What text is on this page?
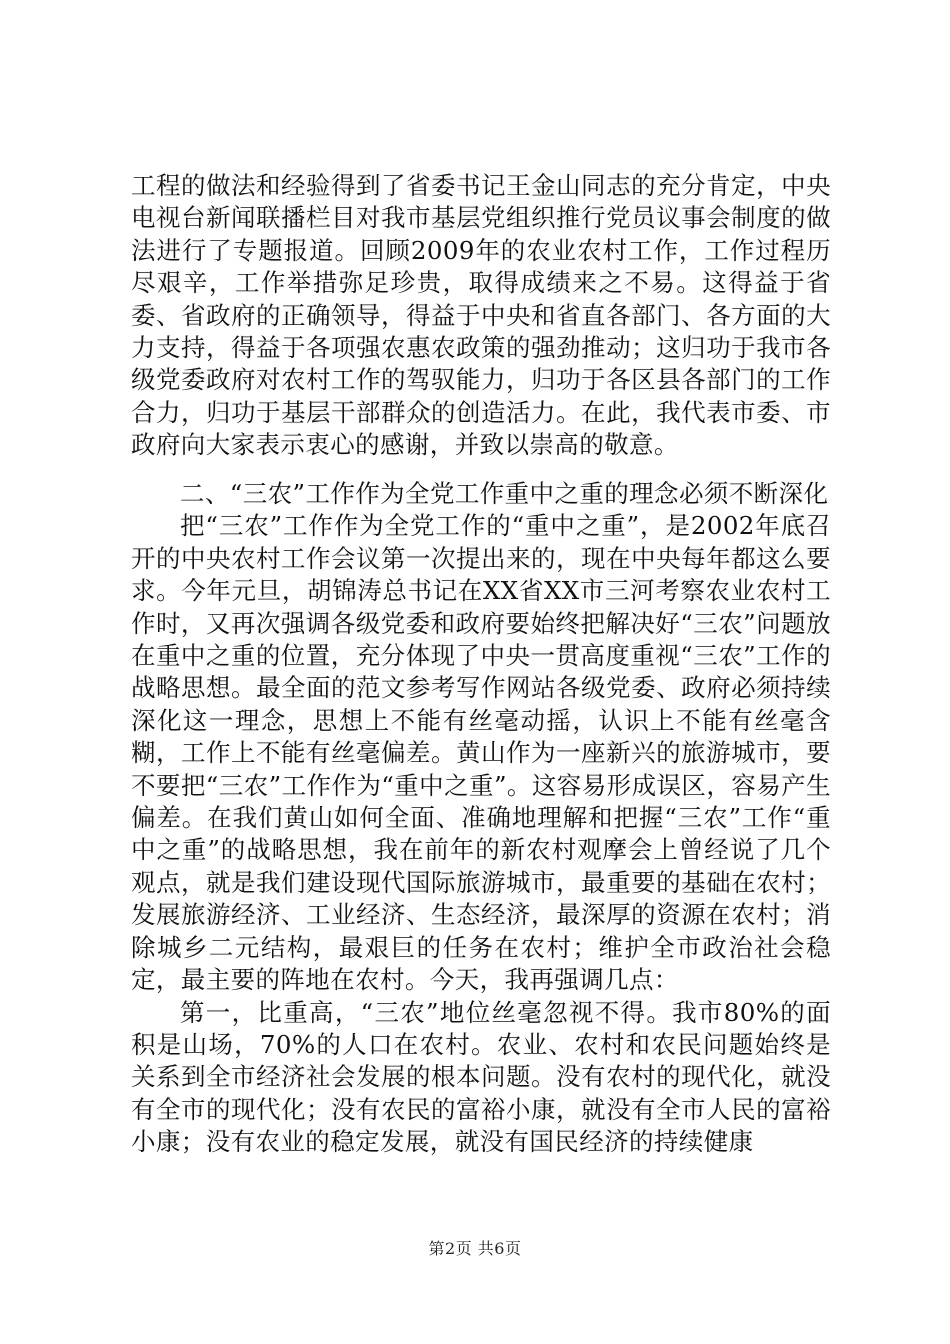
工程的做法和经验得到了省委书记王金山同志的充分肯定，中央电视台新闻联播栏目对我市基层党组织推行党员议事会制度的做法进行了专题报道。回顾2009年的农业农村工作，工作过程历尽艰辛，工作举措弥足珍贵，取得成绩来之不易。这得益于省委、省政府的正确领导，得益于中央和省直各部门、各方面的大力支持，得益于各项强农惠农政策的强劲推动；这归功于我市各级党委政府对农村工作的驾驭能力，归功于各区县各部门的工作合力，归功于基层干部群众的创造活力。在此，我代表市委、市政府向大家表示衷心的感谢，并致以崇高的敬意。

二、“三农”工作作为全党工作重中之重的理念必须不断深化

把“三农”工作作为全党工作的“重中之重”，是2002年底召开的中央农村工作会议第一次提出来的，现在中央每年都这么要求。今年元旦，胡锦涛总书记在XX省XX市三河考察农业农村工作时，又再次强调各级党委和政府要始终把解决好“三农”问题放在重中之重的位置，充分体现了中央一贯高度重视“三农”工作的战略思想。最全面的范文参考写作网站各级党委、政府必须持续深化这一理念，思想上不能有丝毫动摇，认识上不能有丝毫含糊，工作上不能有丝毫偏差。黄山作为一座新兴的旅游城市，要不要把“三农”工作作为“重中之重”。这容易形成误区，容易产生偏差。在我们黄山如何全面、准确地理解和把握“三农”工作“重中之重”的战略思想，我在前年的新农村观摩会上曾经说了几个观点，就是我们建设现代国际旅游城市，最重要的基础在农村；发展旅游经济、工业经济、生态经济，最深厚的资源在农村；消除城乡二元结构，最艰巨的任务在农村；维护全市政治社会稳定，最主要的阵地在农村。今天，我再强调几点：

第一，比重高，“三农”地位丝毫忽视不得。我市80%的面积是山场，70%的人口在农村。农业、农村和农民问题始终是关系到全市经济社会发展的根本问题。没有农村的现代化，就没有全市的现代化；没有农民的富裕小康，就没有全市人民的富裕小康；没有农业的稳定发展，就没有国民经济的持续健康

第2页 共6页
